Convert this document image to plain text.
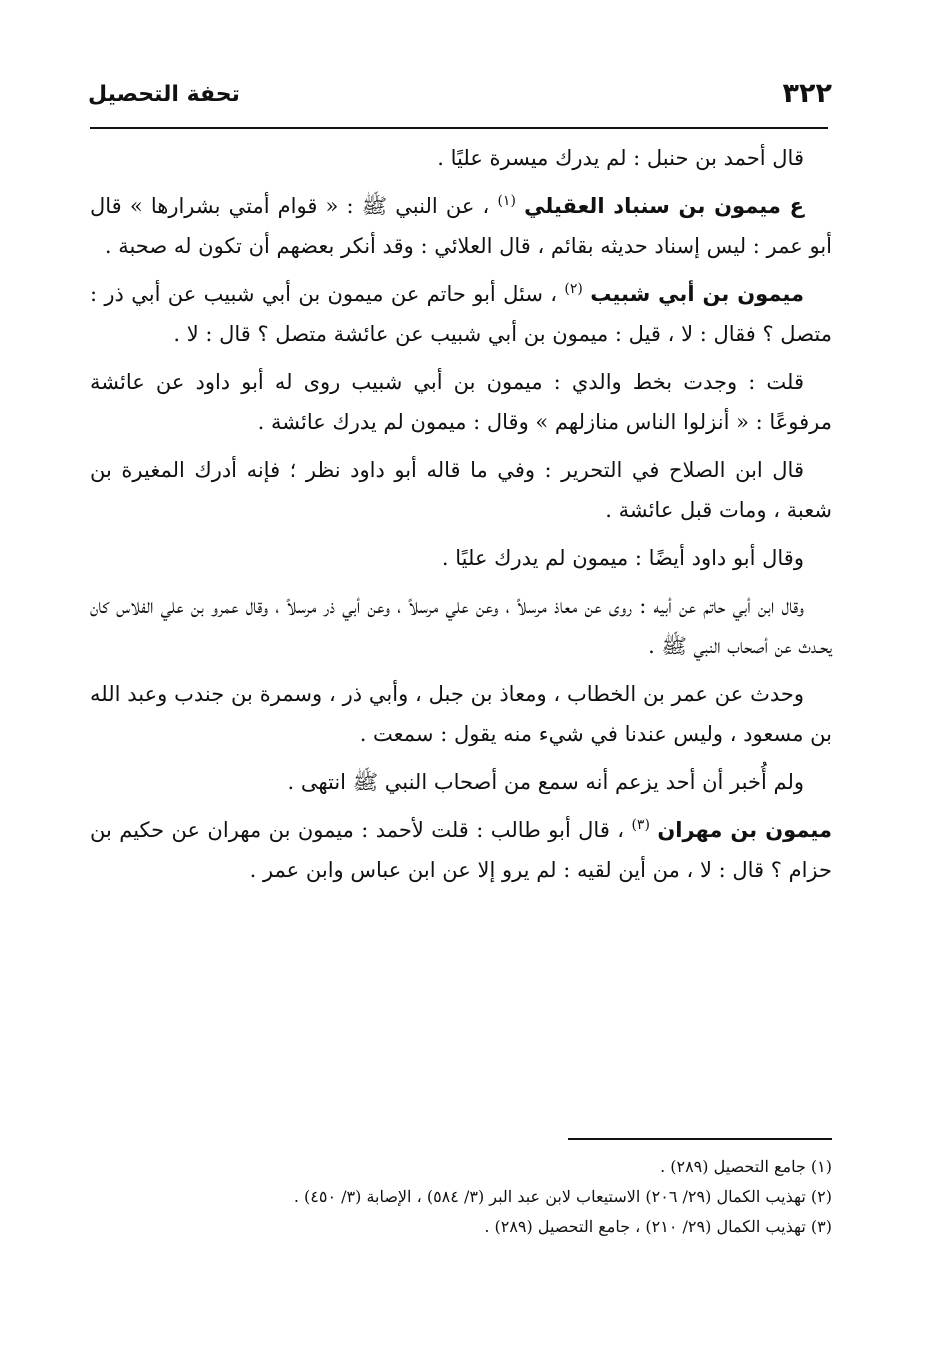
٣٢٢
تحفة التحصيل

قال أحمد بن حنبل : لم يدرك ميسرة عليًا .

ع ميمون بن سنباد العقيلي $^{(١)}$ ، عن النبي ﷺ : « قوام أمتي بشرارها » قال أبو عمر : ليس إسناد حديثه بقائم ، قال العلائي : وقد أنكر بعضهم أن تكون له صحبة .

ميمون بن أبي شبيب $^{(٢)}$ ، سئل أبو حاتم عن ميمون بن أبي شبيب عن أبي ذر : متصل ؟ فقال : لا ، قيل : ميمون بن أبي شبيب عن عائشة متصل ؟ قال : لا .

قلت : وجدت بخط والدي : ميمون بن أبي شبيب روى له أبو داود عن عائشة مرفوعًا : « أنزلوا الناس منازلهم » وقال : ميمون لم يدرك عائشة .

قال ابن الصلاح في التحرير : وفي ما قاله أبو داود نظر ؛ فإنه أدرك المغيرة بن شعبة ، ومات قبل عائشة .

وقال أبو داود أيضًا : ميمون لم يدرك عليًا .

وقال ابن أبي حاتم عن أبيه : روى عن معاذ مرسلاً ، وعن علي مرسلاً ، وعن أبي ذر مرسلاً ، وقال عمرو بن علي الفلاس كان يحـدث عن أصحاب النبي ﷺ .

وحدث عن عمر بن الخطاب ، ومعاذ بن جبل ، وأبي ذر ، وسمرة بن جندب وعبد الله بن مسعود ، وليس عندنا في شيء منه يقول : سمعت .

ولم أُخبر أن أحد يزعم أنه سمع من أصحاب النبي ﷺ انتهى .

ميمون بن مهران $^{(٣)}$ ، قال أبو طالب : قلت لأحمد : ميمون بن مهران عن حكيم بن حزام ؟ قال : لا ، من أين لقيه : لم يرو إلا عن ابن عباس وابن عمر .

(١) جامع التحصيل (٢٨٩) .

(٢) تهذيب الكمال (٢٩/ ٢٠٦) الاستيعاب لابن عبد البر (٣/ ٥٨٤) ، الإصابة (٣/ ٤٥٠) .

(٣) تهذيب الكمال (٢٩/ ٢١٠) ، جامع التحصيل (٢٨٩) .
